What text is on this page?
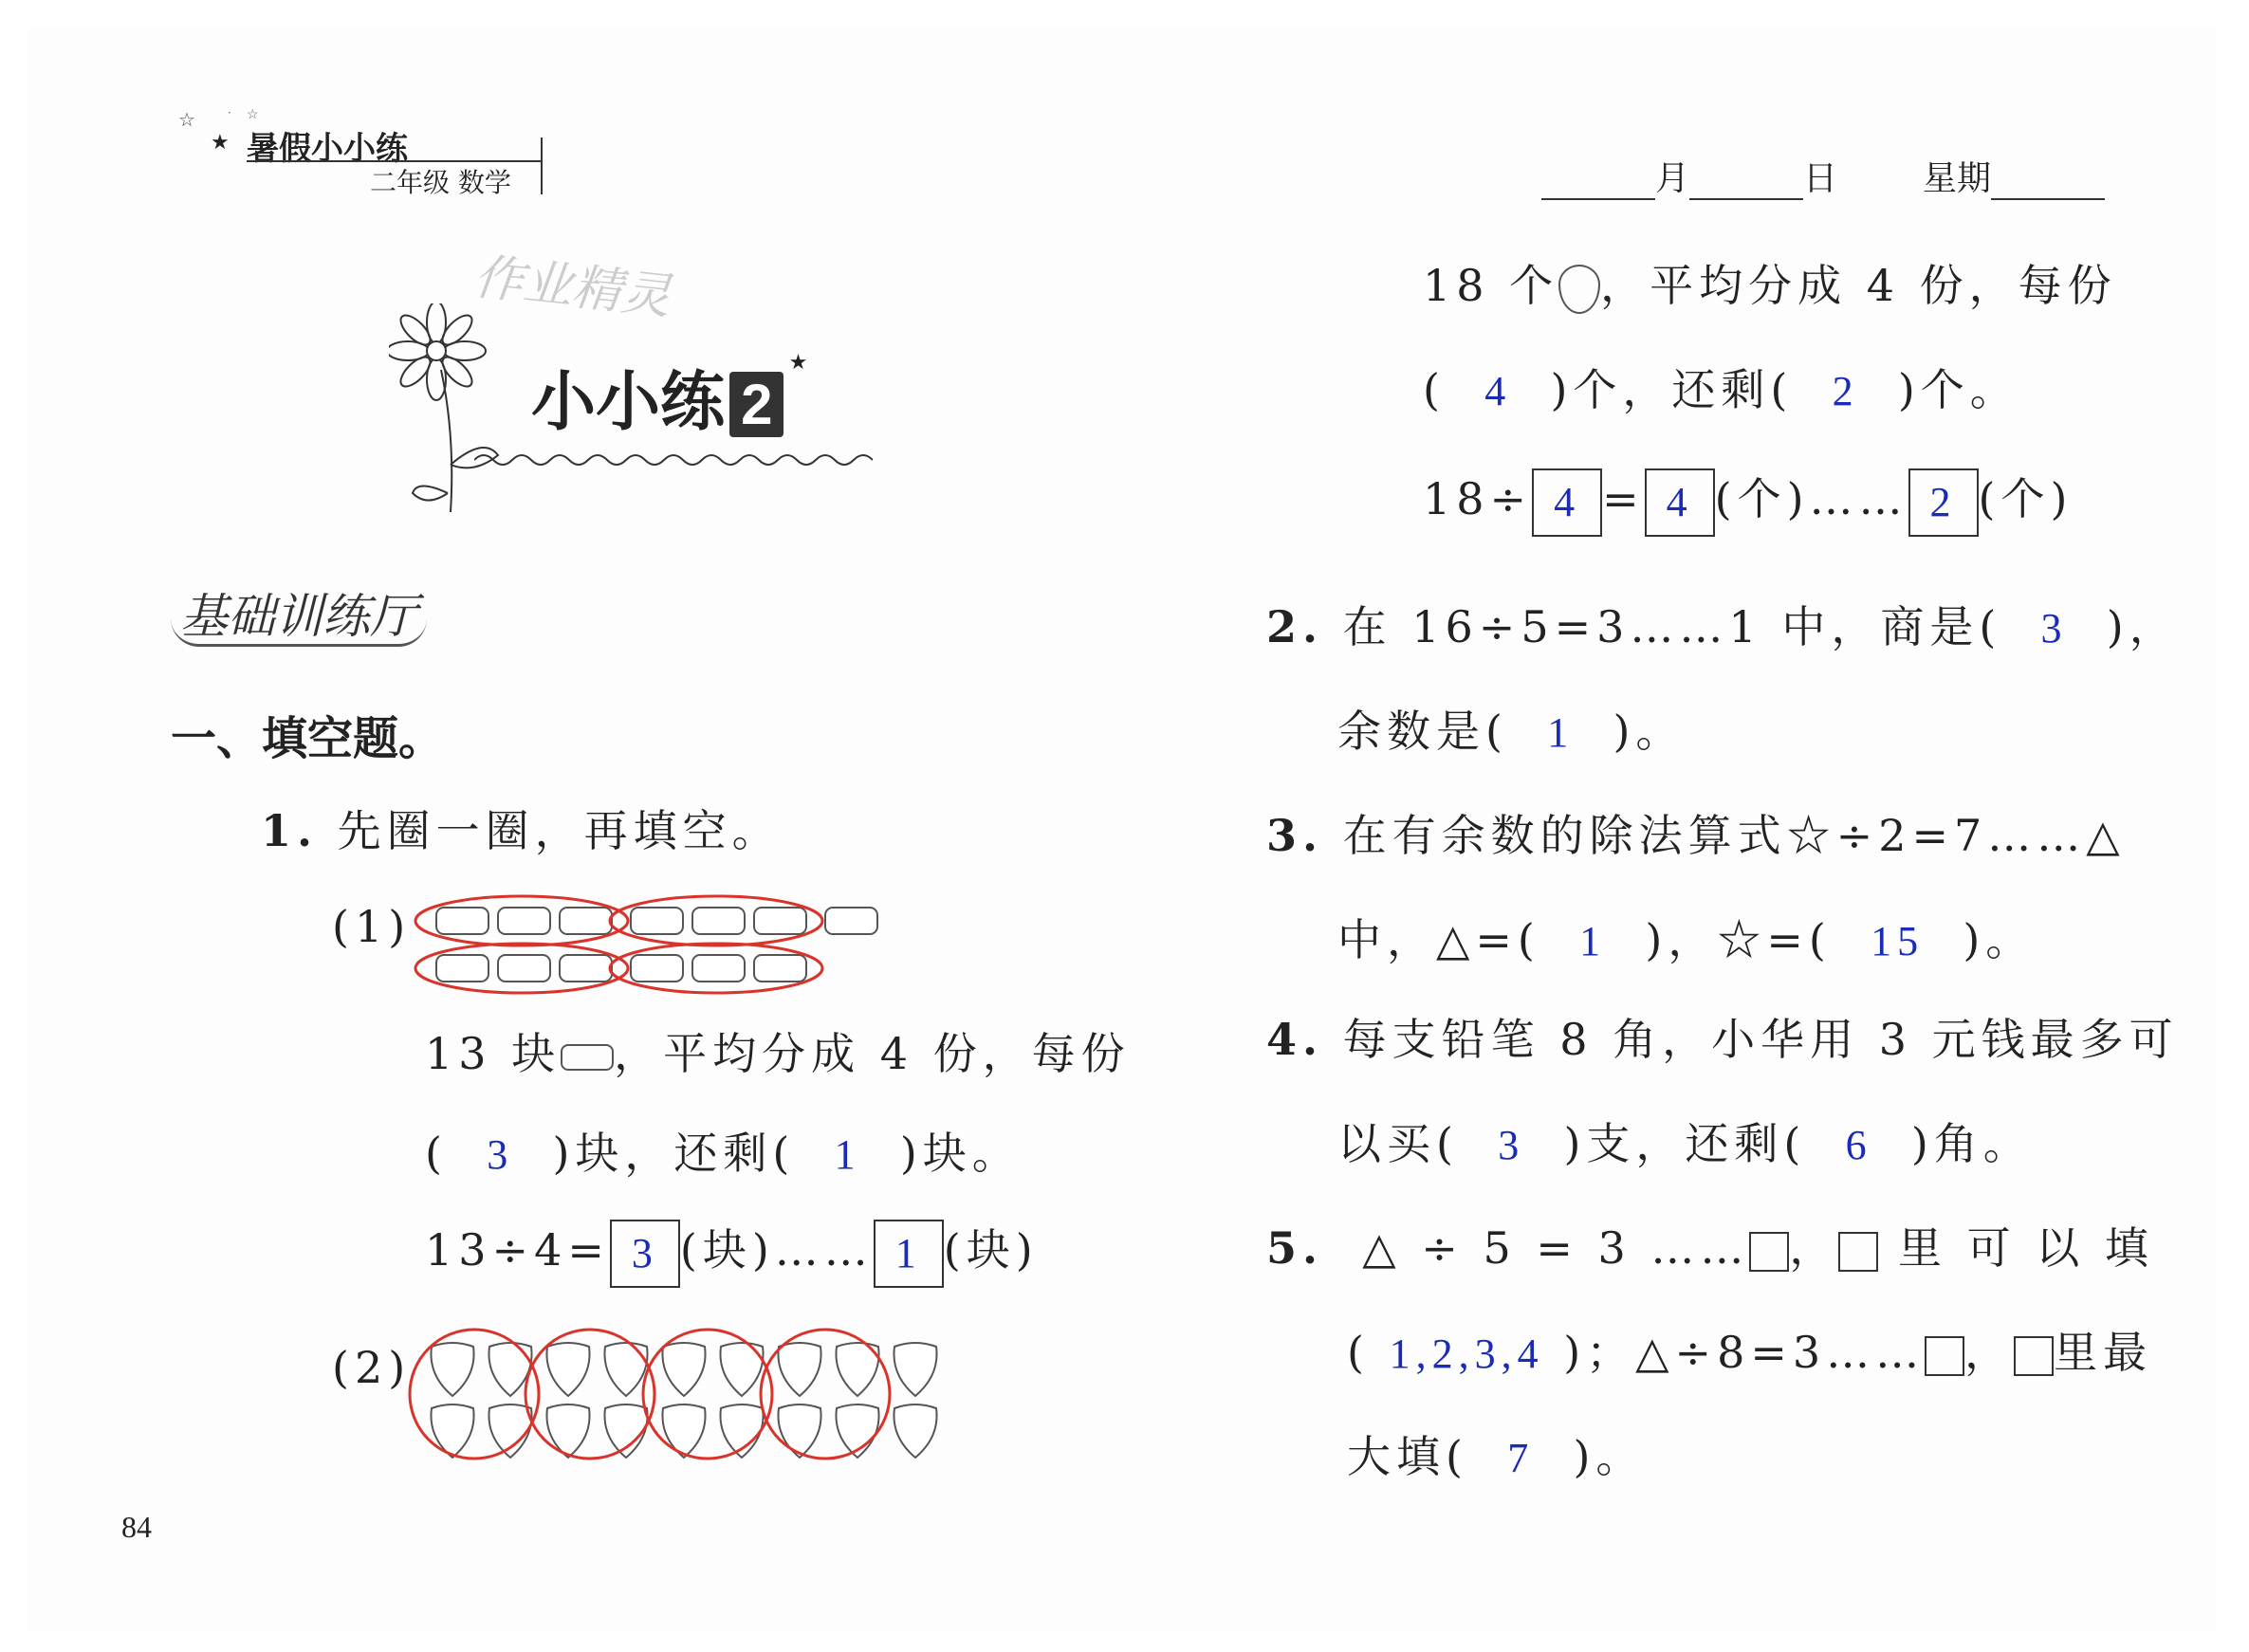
☆
★
· ☆
暑假小小练
二年级 数学	月	日	星期
作业精灵
小小练 2 ★
基础训练厅
一、填空题。
1. 先圈一圈，再填空。
(1)
13 块 ，平均分成 4 份，每份
(  3 )块，还剩( 1 )块。
13÷4= 3 (块)…… 1 (块)
(2)
18 个 ，平均分成 4 份，每份
(  4 )个，还剩( 2 )个。
18÷ 4 = 4 (个)…… 2 (个)
2. 在 16÷5=3……1 中，商是( 3 )，
余数是( 1 )。
3. 在有余数的除法算式☆÷2=7……△
中，△=( 1 )，☆=( 15 )。
4. 每支铅笔 8 角，小华用 3 元钱最多可
以买( 3 )支，还剩( 6 )角。
5. △ ÷ 5 = 3 …… ， 里 可 以 填
( 1,2,3,4 )；△÷8=3…… ， 里最
大填( 7 )。
84
